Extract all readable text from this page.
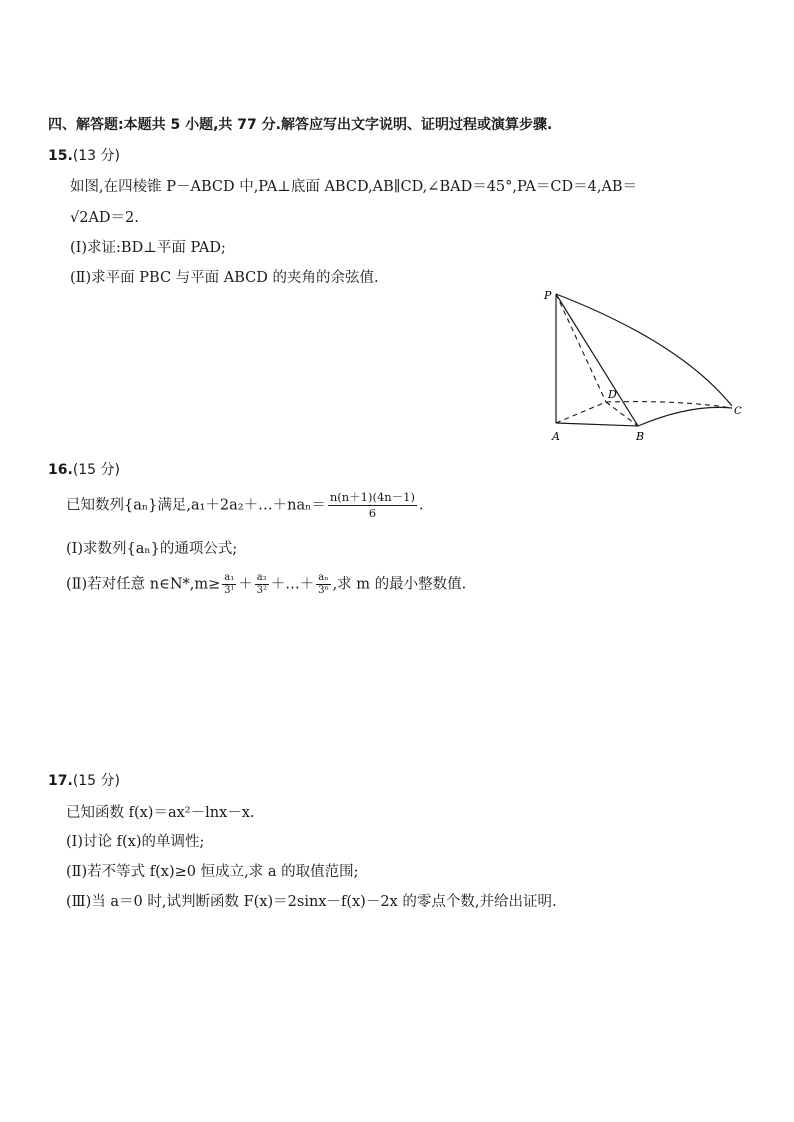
四、解答题:本题共 5 小题,共 77 分.解答应写出文字说明、证明过程或演算步骤.
15.(13 分)
如图,在四棱锥 P－ABCD 中,PA⊥底面 ABCD,AB∥CD,∠BAD＝45°,PA＝CD＝4,AB＝
√2AD＝2.
(Ⅰ)求证:BD⊥平面 PAD;
(Ⅱ)求平面 PBC 与平面 ABCD 的夹角的余弦值.
P
A	B
C
D
16.(15 分)
已知数列{aₙ}满足,a₁＋2a₂＋…＋naₙ＝ $\frac{n(n+1)(4n-1)}{6}$ .
(Ⅰ)求数列{aₙ}的通项公式;
(Ⅱ)若对任意 n∈N*,m≥ $\frac{\text{a₁}}{\text{3¹}} + \frac{\text{a₂}}{\text{3²}}$ ＋…＋ $\frac{\text{aₙ}}{\text{3ⁿ}}$ ,求 m 的最小整数值.
17.(15 分)
已知函数 f(x)＝ax²－lnx－x.
(Ⅰ)讨论 f(x)的单调性;
(Ⅱ)若不等式 f(x)≥0 恒成立,求 a 的取值范围;
(Ⅲ)当 a＝0 时,试判断函数 F(x)＝2sinx－f(x)－2x 的零点个数,并给出证明.
